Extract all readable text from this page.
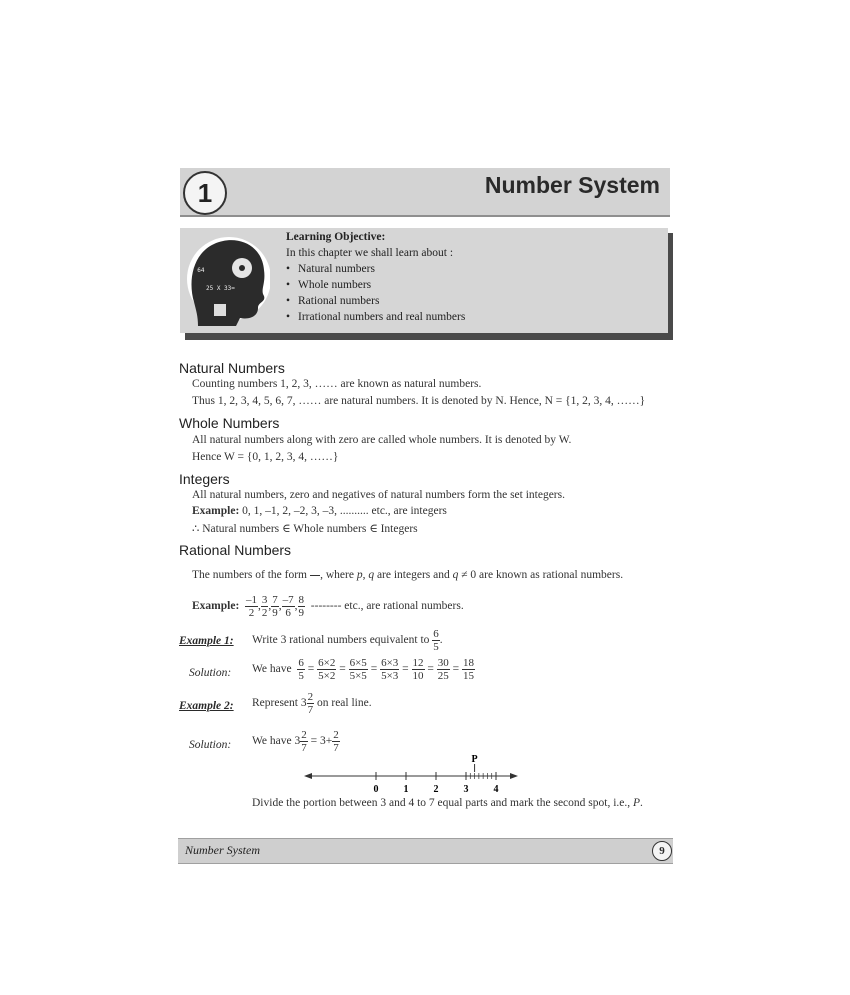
1	Number System
√ 64
25 X 33=
Learning Objective:
In this chapter we shall learn about :
• Natural numbers
• Whole numbers
• Rational numbers
• Irrational numbers and real numbers
Natural Numbers
Counting numbers 1, 2, 3, …… are known as natural numbers.
Thus 1, 2, 3, 4, 5, 6, 7, …… are natural numbers. It is denoted by N. Hence, N = {1, 2, 3, 4, ……}
Whole Numbers
All natural numbers along with zero are called whole numbers. It is denoted by W.
Hence W = {0, 1, 2, 3, 4, ……}
Integers
All natural numbers, zero and negatives of natural numbers form the set integers.
Example: 0, 1, –1, 2, –2, 3, –3, .......... etc., are integers
∴ Natural numbers ∈ Whole numbers ∈ Integers
Rational Numbers
The numbers of the form

, where p, q are integers and q ≠ 0 are known as rational numbers.
Example: $\frac{-1}{2}$ , $\frac{3}{2}$ , $\frac{7}{9}$ , $\frac{-7}{6}$ , $\frac{8}{9}$ -------- etc., are rational numbers.
Example 1: Write 3 rational numbers equivalent to $\frac{6}{5}$ .
Solution: We have $\frac{6}{5} = \frac{6\times 2}{5\times 2} = \frac{6\times 5}{5\times 5} = \frac{6\times 3}{5\times 3} = \frac{12}{10} = \frac{30}{25} = \frac{18}{15}$
Example 2: Represent $3 \frac{2}{7}$ on real line.
Solution: We have $3 \frac{2}{7} = 3+ \frac{2}{7}$
0	1	2	3	4
P
Divide the portion between 3 and 4 to 7 equal parts and mark the second spot, i.e., P.
Number System	9
